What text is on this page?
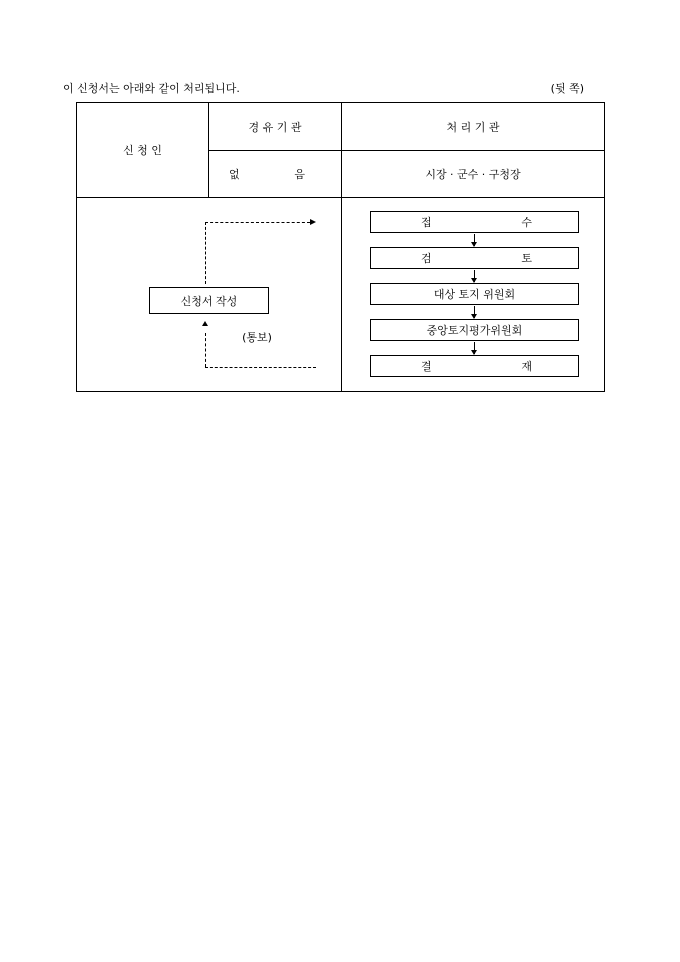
이 신청서는 아래와 같이 처리됩니다.	(뒷 쪽)
신 청 인
경 유 기 관	처 리 기 관
없	음	시장 · 군수 · 구청장
신청서 작성
(통보)
접	수
검	토
대상 토지 위원회
중앙토지평가위원회
결	재
